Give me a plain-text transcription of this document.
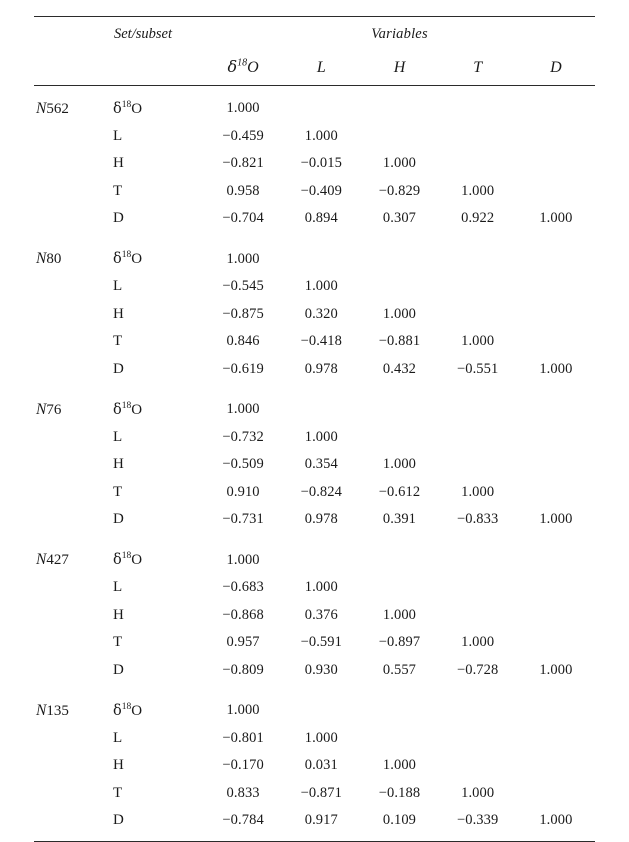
	Set/subset	Variables				
		$\delta^{18}O$	L	H	T	D

N562	$\delta^{18}O$	1.000				
	L	−0.459	1.000			
	H	−0.821	−0.015	1.000		
	T	0.958	−0.409	−0.829	1.000	
	D	−0.704	0.894	0.307	0.922	1.000

N80	$\delta^{18}O$	1.000				
	L	−0.545	1.000			
	H	−0.875	0.320	1.000		
	T	0.846	−0.418	−0.881	1.000	
	D	−0.619	0.978	0.432	−0.551	1.000

N76	$\delta^{18}O$	1.000				
	L	−0.732	1.000			
	H	−0.509	0.354	1.000		
	T	0.910	−0.824	−0.612	1.000	
	D	−0.731	0.978	0.391	−0.833	1.000

N427	$\delta^{18}O$	1.000				
	L	−0.683	1.000			
	H	−0.868	0.376	1.000		
	T	0.957	−0.591	−0.897	1.000	
	D	−0.809	0.930	0.557	−0.728	1.000

N135	$\delta^{18}O$	1.000				
	L	−0.801	1.000			
	H	−0.170	0.031	1.000		
	T	0.833	−0.871	−0.188	1.000	
	D	−0.784	0.917	0.109	−0.339	1.000
